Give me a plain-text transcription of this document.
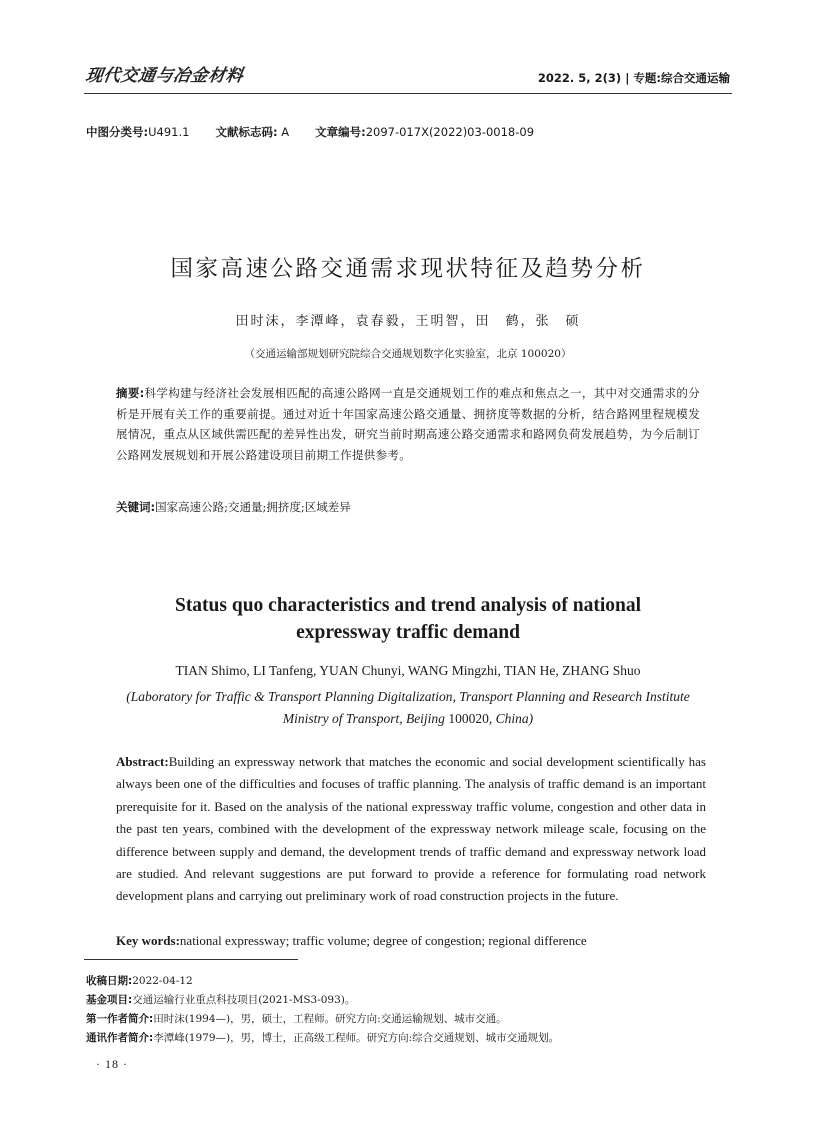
现代交通与冶金材料	2022. 5, 2(3) | 专题:综合交通运输
中图分类号:U491.1 文献标志码: A 文章编号:2097-017X(2022)03-0018-09
国家高速公路交通需求现状特征及趋势分析
田时沫，李潭峰，袁春毅，王明智，田　鹤，张　硕
（交通运输部规划研究院综合交通规划数字化实验室，北京 100020）
摘要:科学构建与经济社会发展相匹配的高速公路网一直是交通规划工作的难点和焦点之一，其中对交通需求的分析是开展有关工作的重要前提。通过对近十年国家高速公路交通量、拥挤度等数据的分析，结合路网里程规模发展情况，重点从区域供需匹配的差异性出发，研究当前时期高速公路交通需求和路网负荷发展趋势，为今后制订公路网发展规划和开展公路建设项目前期工作提供参考。
关键词:国家高速公路;交通量;拥挤度;区域差异
Status quo characteristics and trend analysis of national
expressway traffic demand
TIAN Shimo, LI Tanfeng, YUAN Chunyi, WANG Mingzhi, TIAN He, ZHANG Shuo
(Laboratory for Traffic & Transport Planning Digitalization, Transport Planning and Research Institute Ministry of Transport, Beijing 100020, China)
Abstract:Building an expressway network that matches the economic and social development scientifically has always been one of the difficulties and focuses of traffic planning. The analysis of traffic demand is an important prerequisite for it. Based on the analysis of the national expressway traffic volume, congestion and other data in the past ten years, combined with the development of the expressway network mileage scale, focusing on the difference between supply and demand, the development trends of traffic demand and expressway network load are studied. And relevant suggestions are put forward to provide a reference for formulating road network development plans and carrying out preliminary work of road construction projects in the future.
Key words:national expressway; traffic volume; degree of congestion; regional difference
收稿日期:2022-04-12
基金项目:交通运输行业重点科技项目(2021-MS3-093)。
第一作者简介:田时沫(1994—)，男，硕士，工程师。研究方向:交通运输规划、城市交通。
通讯作者简介:李潭峰(1979—)，男，博士，正高级工程师。研究方向:综合交通规划、城市交通规划。
· 18 ·
